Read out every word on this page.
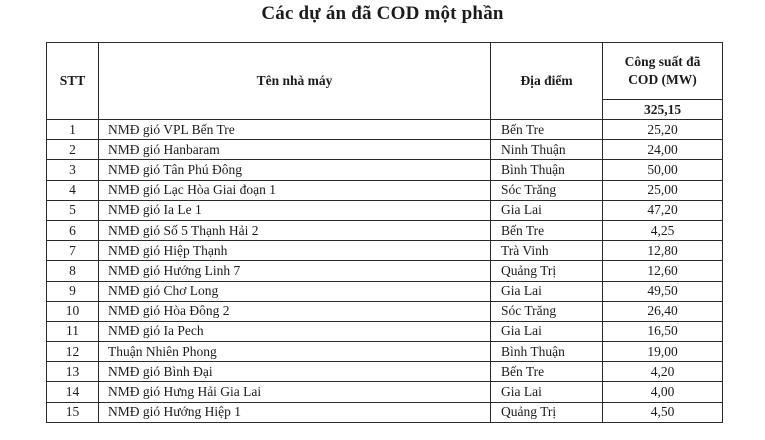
Các dự án đã COD một phần
STT	Tên nhà máy	Địa điểm	Công suất đã COD (MW)
			325,15
1	NMĐ gió VPL Bến Tre	Bến Tre	25,20
2	NMĐ gió Hanbaram	Ninh Thuận	24,00
3	NMĐ gió Tân Phú Đông	Bình Thuận	50,00
4	NMĐ gió Lạc Hòa Giai đoạn 1	Sóc Trăng	25,00
5	NMĐ gió Ia Le 1	Gia Lai	47,20
6	NMĐ gió Số 5 Thạnh Hải 2	Bến Tre	4,25
7	NMĐ gió Hiệp Thạnh	Trà Vinh	12,80
8	NMĐ gió Hướng Linh 7	Quảng Trị	12,60
9	NMĐ gió Chơ Long	Gia Lai	49,50
10	NMĐ gió Hòa Đông 2	Sóc Trăng	26,40
11	NMĐ gió Ia Pech	Gia Lai	16,50
12	Thuận Nhiên Phong	Bình Thuận	19,00
13	NMĐ gió Bình Đại	Bến Tre	4,20
14	NMĐ gió Hưng Hải Gia Lai	Gia Lai	4,00
15	NMĐ gió Hướng Hiệp 1	Quảng Trị	4,50
